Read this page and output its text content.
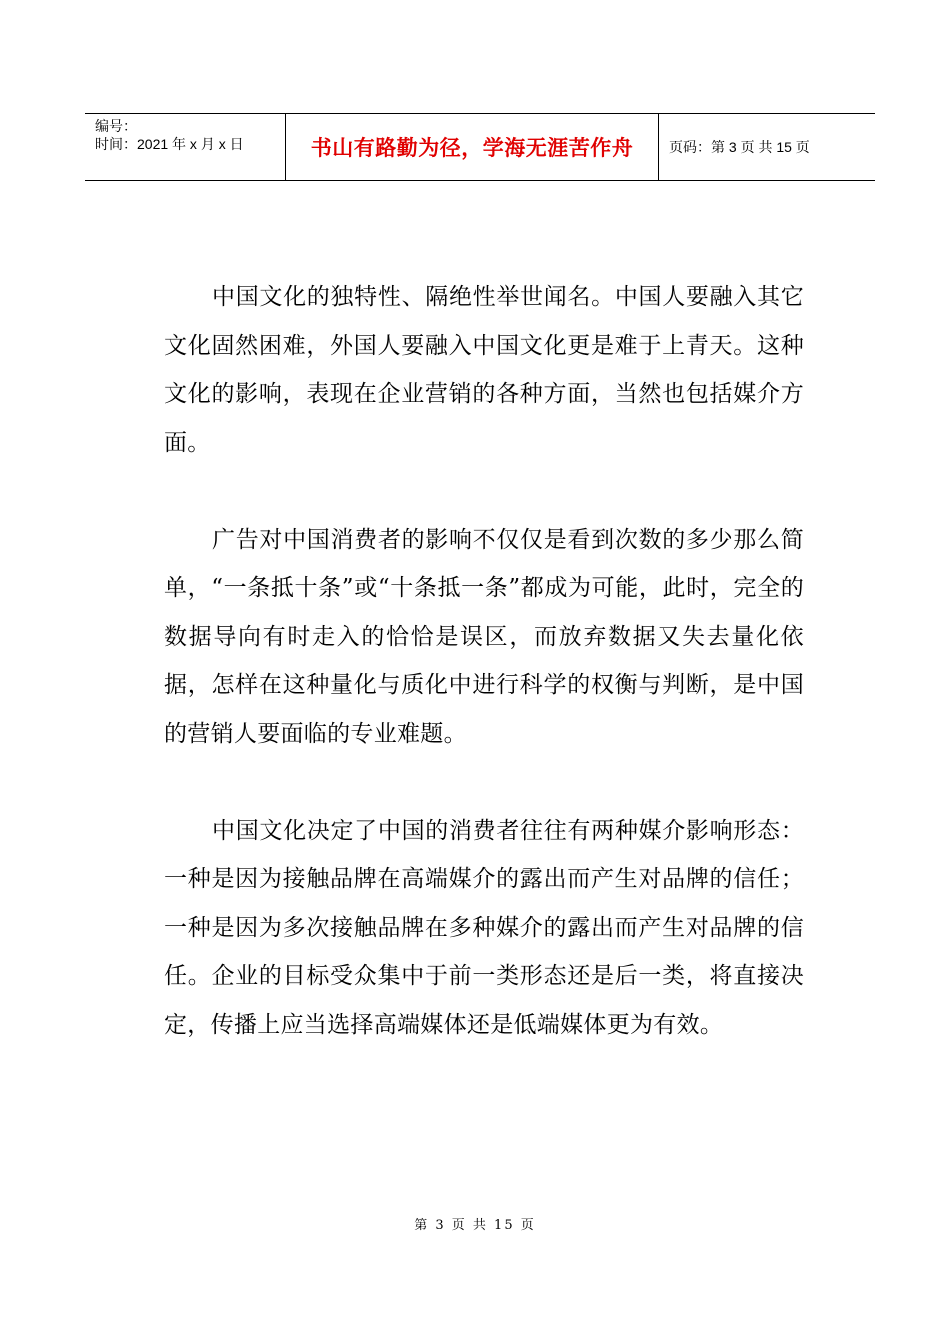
编号：
时间：2021 年 x 月 x 日	书山有路勤为径，学海无涯苦作舟	页码：第 3 页 共 15 页

中国文化的独特性、隔绝性举世闻名。中国人要融入其它文化固然困难，外国人要融入中国文化更是难于上青天。这种文化的影响，表现在企业营销的各种方面，当然也包括媒介方面。

广告对中国消费者的影响不仅仅是看到次数的多少那么简单，“一条抵十条”或“十条抵一条”都成为可能，此时，完全的数据导向有时走入的恰恰是误区，而放弃数据又失去量化依据，怎样在这种量化与质化中进行科学的权衡与判断，是中国的营销人要面临的专业难题。

中国文化决定了中国的消费者往往有两种媒介影响形态：一种是因为接触品牌在高端媒介的露出而产生对品牌的信任；一种是因为多次接触品牌在多种媒介的露出而产生对品牌的信任。企业的目标受众集中于前一类形态还是后一类，将直接决定，传播上应当选择高端媒体还是低端媒体更为有效。

第 3 页 共 15 页
